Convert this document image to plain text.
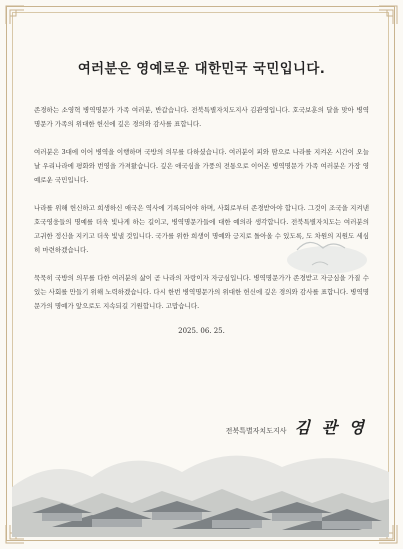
여러분은 영예로운 대한민국 국민입니다.

존경하는 소영혁 병역명문가 가족 여러분, 반갑습니다. 전북특별자치도지사 김관영입니다. 호국보훈의 달을 맞아 병역명문가 가족의 위대한 헌신에 깊은 경의와 감사를 표합니다.

여러분은 3대에 이어 병역을 이행하며 국방의 의무를 다하셨습니다. 여러분이 피와 땀으로 나라를 지켜온 시간이 오늘날 우리나라에 평화와 번영을 가져왔습니다. 깊은 애국심을 가풍의 전통으로 이어온 병역명문가 가족 여러분은 가장 영예로운 국민입니다.

나라를 위해 헌신하고 희생하신 애국은 역사에 기록되어야 하며, 사회로부터 존경받아야 합니다. 그것이 조국을 지켜낸 호국영웅들의 명예를 더욱 빛나게 하는 길이고, 병역명문가들에 대한 예의라 생각합니다. 전북특별자치도는 여러분의 고귀한 정신을 지키고 더욱 빛낼 것입니다. 국가를 위한 희생이 명예와 긍지로 돌아올 수 있도록, 도 차원의 지원도 세심히 마련하겠습니다.

묵묵히 국방의 의무를 다한 여러분의 삶이 곧 나라의 자랑이자 자긍심입니다. 병역명문가가 존경받고 자긍심을 가질 수 있는 사회를 만들기 위해 노력하겠습니다. 다시 한번 병역명문가의 위대한 헌신에 깊은 경의와 감사를 표합니다. 병역명문가의 명예가 앞으로도 지속되길 기원합니다. 고맙습니다.

2025. 06. 25.
전북특별자치도지사 김 관 영
